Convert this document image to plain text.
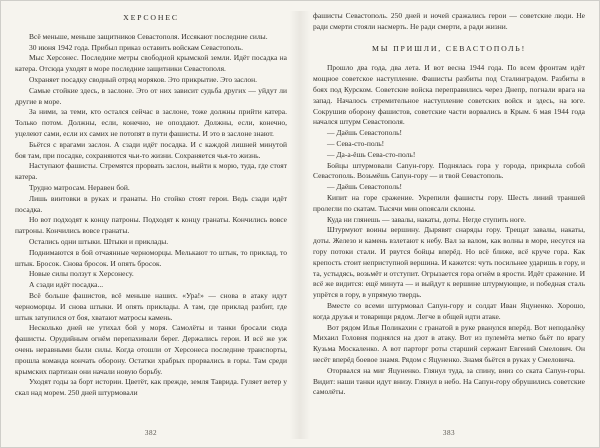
ХЕРСОНЕС

Всё меньше, меньше защитников Севастополя. Иссякают последние силы.

30 июня 1942 года. Прибыл приказ оставить войскам Севастополь.

Мыс Херсонес. Последние метры свободной крымской земли. Идёт посадка на катера. Отсюда уходят в море последние защитники Севастополя.

Охраняет посадку сводный отряд моряков. Это прикрытие. Это заслон.

Самые стойкие здесь, в заслоне. Это от них зависит судьба других — уйдут ли другие в море.

За ними, за теми, кто остался сейчас в заслоне, тоже должны прийти катера. Только потом. Должны, если, конечно, не опоздают. Должны, если, конечно, уцелеют сами, если их самих не потопят в пути фашисты. И это в заслоне знают.

Бьётся с врагами заслон. А сзади идёт посадка. И с каждой лишней минутой боя там, при посадке, сохраняются чьи-то жизни. Сохраняется чья-то жизнь.

Наступают фашисты. Стремятся прорвать заслон, выйти к морю, туда, где стоят катера.

Трудно матросам. Неравен бой.

Лишь винтовки в руках и гранаты. Но стойко стоят герои. Ведь сзади идёт посадка.

Но вот подходят к концу патроны. Подходят к концу гранаты. Кончились вовсе патроны. Кончились вовсе гранаты.

Остались одни штыки. Штыки и приклады.

Поднимаются в бой отчаянные черноморцы. Мелькают то штык, то приклад, то штык. Бросок. Снова бросок. И опять бросок.

Новые силы ползут к Херсонесу.

А сзади идёт посадка...

Всё больше фашистов, всё меньше наших. «Ура!» — снова в атаку идут черноморцы. И снова штыки. И опять приклады. А там, где приклад разбит, где штык затупился от боя, хватают матросы камень.

Несколько дней не утихал бой у моря. Самолёты и танки бросали сюда фашисты. Орудийным огнём перепахивали берег. Держались герои. И всё же уж очень неравными были силы. Когда отошли от Херсонеса последние транспорты, прошла команда кончать оборону. Остатки храбрых прорвались в горы. Там среди крымских партизан они начали новую борьбу.

Уходят годы за борт истории. Цветёт, как прежде, земля Таврида. Гуляет ветер у скал над морем. 250 дней штурмовали

382

фашисты Севастополь. 250 дней и ночей сражались герои — советские люди. Не ради смерти стояли насмерть. Не ради смерти, а ради жизни.

МЫ ПРИШЛИ, СЕВАСТОПОЛЬ!

Прошло два года, два лета. И вот весна 1944 года. По всем фронтам идёт мощное советское наступление. Фашисты разбиты под Сталинградом. Разбиты в боях под Курском. Советские войска переправились через Днепр, погнали врага на запад. Началось стремительное наступление советских войск и здесь, на юге. Сокрушив оборону фашистов, советские части ворвались в Крым. 6 мая 1944 года начался штурм Севастополя.

— Даёшь Севастополь!

— Сева-сто-поль!

— Да-а-ёшь Сева-сто-поль!

Бойцы штурмовали Сапун-гору. Поднялась гора у города, прикрыла собой Севастополь. Возьмёшь Сапун-гору — и твой Севастополь.

— Даёшь Севастополь!

Кипит на горе сражение. Укрепили фашисты гору. Шесть линий траншей пролегли по скатам. Тысячи мин опоясали склоны.

Куда ни глянешь — завалы, накаты, доты. Негде ступить ноге.

Штурмуют воины вершину. Дырявят снаряды гору. Трещат завалы, накаты, доты. Железо и камень взлетают к небу. Вал за валом, как волны в море, несутся на гору потоки стали. И рвутся бойцы вперёд. Но всё ближе, всё круче гора. Как крепость стоит неприступной вершина. И кажется: чуть посильнее ударишь в гору, и та, устыдясь, возьмёт и отступит. Огрызается гора огнём в ярости. Идёт сражение. И всё же видится: ещё минута — и выйдут к вершине штурмующие, и победная сталь упрётся в гору, в упрямую твердь.

Вместе со всеми штурмовал Сапун-гору и солдат Иван Яцуненко. Хорошо, когда друзья и товарищи рядом. Легче в общей идти атаке.

Вот рядом Илья Поликахин с гранатой в руке рванулся вперёд. Вот неподалёку Михаил Головня поднялся на дзот в атаку. Вот из пулемёта метко бьёт по врагу Кузьма Москаленко. А вот парторг роты старший сержант Евгений Смелович. Он несёт вперёд боевое знамя. Рядом с Яцуненко. Знамя бьётся в руках у Смеловича.

Оторвался на миг Яцуненко. Глянул туда, за спину, вниз со ската Сапун-горы. Видит: наши танки идут внизу. Глянул в небо. На Сапун-гору обрушились советские самолёты.

383
